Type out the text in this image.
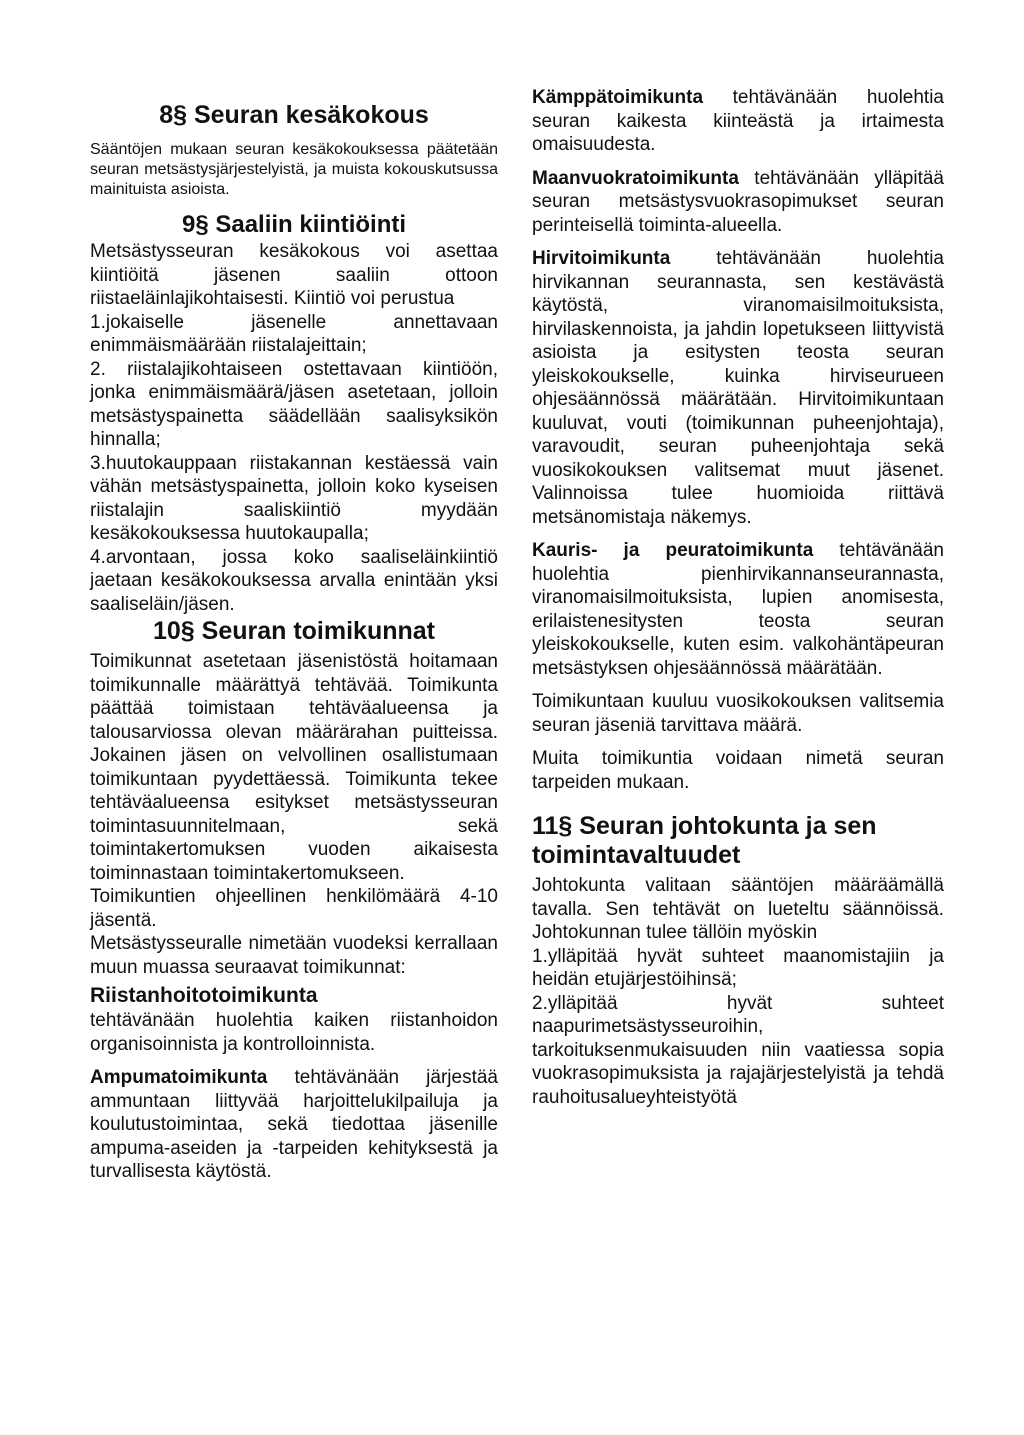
8§ Seuran kesäkokous

Sääntöjen mukaan seuran kesäkokouksessa päätetään seuran metsästysjärjestelyistä, ja muista kokouskutsussa mainituista asioista.

9§ Saaliin kiintiöinti

Metsästysseuran kesäkokous voi asettaa kiintiöitä jäsenen saaliin ottoon riistaeläinlajikohtaisesti. Kiintiö voi perustua

1.jokaiselle jäsenelle annettavaan enimmäismäärään riistalajeittain;

2. riistalajikohtaiseen ostettavaan kiintiöön, jonka enimmäismäärä/jäsen asetetaan, jolloin metsästyspainetta säädellään saalisyksikön hinnalla;

3.huutokauppaan riistakannan kestäessä vain vähän metsästyspainetta, jolloin koko kyseisen riistalajin saaliskiintiö myydään kesäkokouksessa huutokaupalla;

4.arvontaan, jossa koko saaliseläinkiintiö jaetaan kesäkokouksessa arvalla enintään yksi saaliseläin/jäsen.

10§ Seuran toimikunnat

Toimikunnat asetetaan jäsenistöstä hoitamaan toimikunnalle määrättyä tehtävää. Toimikunta päättää toimistaan tehtäväalueensa ja talousarviossa olevan määrärahan puitteissa. Jokainen jäsen on velvollinen osallistumaan toimikuntaan pyydettäessä. Toimikunta tekee tehtäväalueensa esitykset metsästysseuran toimintasuunnitelmaan, sekä toimintakertomuksen vuoden aikaisesta toiminnastaan toimintakertomukseen.

Toimikuntien ohjeellinen henkilömäärä 4-10 jäsentä.

Metsästysseuralle nimetään vuodeksi kerrallaan muun muassa seuraavat toimikunnat:

Riistanhoitotoimikunta

tehtävänään huolehtia kaiken riistanhoidon organisoinnista ja kontrolloinnista.

Ampumatoimikunta tehtävänään järjestää ammuntaan liittyvää harjoittelukilpailuja ja koulutustoimintaa, sekä tiedottaa jäsenille ampuma-aseiden ja -tarpeiden kehityksestä ja turvallisesta käytöstä.

Kämppätoimikunta tehtävänään huolehtia seuran kaikesta kiinteästä ja irtaimesta omaisuudesta.

Maanvuokratoimikunta tehtävänään ylläpitää seuran metsästysvuokrasopimukset seuran perinteisellä toiminta-alueella.

Hirvitoimikunta tehtävänään huolehtia hirvikannan seurannasta, sen kestävästä käytöstä, viranomaisilmoituksista, hirvilaskennoista, ja jahdin lopetukseen liittyvistä asioista ja esitysten teosta seuran yleiskokoukselle, kuinka hirviseurueen ohjesäännössä määrätään. Hirvitoimikuntaan kuuluvat, vouti (toimikunnan puheenjohtaja), varavoudit, seuran puheenjohtaja sekä vuosikokouksen valitsemat muut jäsenet. Valinnoissa tulee huomioida riittävä metsänomistaja näkemys.

Kauris- ja peuratoimikunta tehtävänään huolehtia pienhirvikannanseurannasta, viranomaisilmoituksista, lupien anomisesta, erilaistenesitysten teosta seuran yleiskokoukselle, kuten esim. valkohäntäpeuran metsästyksen ohjesäännössä määrätään.

Toimikuntaan kuuluu vuosikokouksen valitsemia seuran jäseniä tarvittava määrä.

Muita toimikuntia voidaan nimetä seuran tarpeiden mukaan.

11§ Seuran johtokunta ja sen toimintavaltuudet

Johtokunta valitaan sääntöjen määräämällä tavalla. Sen tehtävät on lueteltu säännöissä. Johtokunnan tulee tällöin myöskin

1.ylläpitää hyvät suhteet maanomistajiin ja heidän etujärjestöihinsä;

2.ylläpitää hyvät suhteet naapurimetsästysseuroihin, tarkoituksenmukaisuuden niin vaatiessa sopia vuokrasopimuksista ja rajajärjestelyistä ja tehdä rauhoitusalueyhteistyötä
